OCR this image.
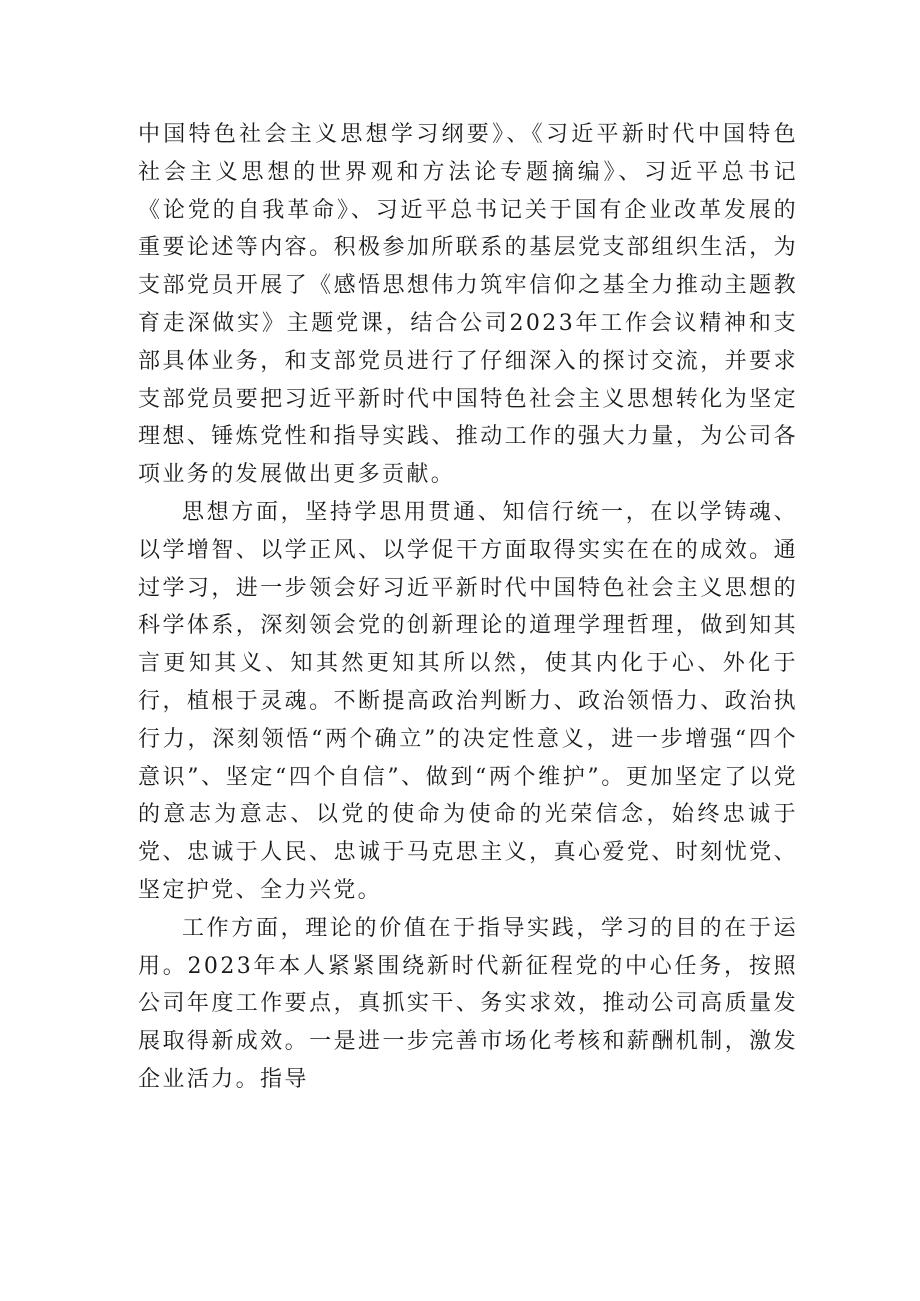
中国特色社会主义思想学习纲要》、《习近平新时代中国特色社会主义思想的世界观和方法论专题摘编》、习近平总书记《论党的自我革命》、习近平总书记关于国有企业改革发展的重要论述等内容。积极参加所联系的基层党支部组织生活，为支部党员开展了《感悟思想伟力筑牢信仰之基全力推动主题教育走深做实》主题党课，结合公司2023年工作会议精神和支部具体业务，和支部党员进行了仔细深入的探讨交流，并要求支部党员要把习近平新时代中国特色社会主义思想转化为坚定理想、锤炼党性和指导实践、推动工作的强大力量，为公司各项业务的发展做出更多贡献。

思想方面，坚持学思用贯通、知信行统一，在以学铸魂、以学增智、以学正风、以学促干方面取得实实在在的成效。通过学习，进一步领会好习近平新时代中国特色社会主义思想的科学体系，深刻领会党的创新理论的道理学理哲理，做到知其言更知其义、知其然更知其所以然，使其内化于心、外化于行，植根于灵魂。不断提高政治判断力、政治领悟力、政治执行力，深刻领悟“两个确立”的决定性意义，进一步增强“四个意识”、坚定“四个自信”、做到“两个维护”。更加坚定了以党的意志为意志、以党的使命为使命的光荣信念，始终忠诚于党、忠诚于人民、忠诚于马克思主义，真心爱党、时刻忧党、坚定护党、全力兴党。

工作方面，理论的价值在于指导实践，学习的目的在于运用。2023年本人紧紧围绕新时代新征程党的中心任务，按照公司年度工作要点，真抓实干、务实求效，推动公司高质量发展取得新成效。一是进一步完善市场化考核和薪酬机制，激发企业活力。指导
